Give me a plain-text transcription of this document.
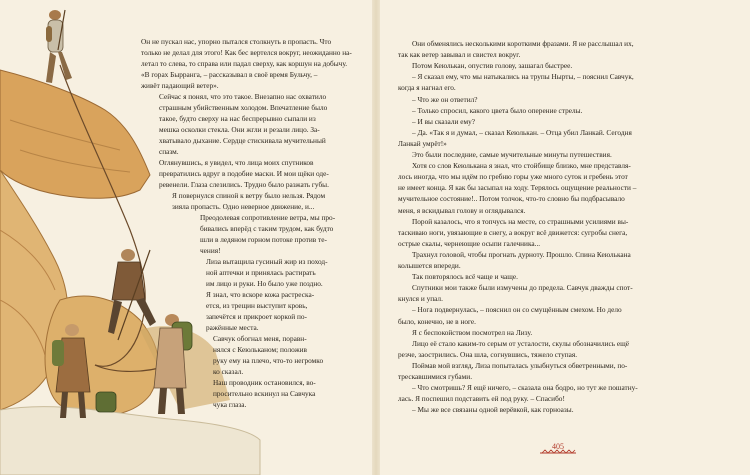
Он не пускал нас, упорно пытался столкнуть в пропасть. Что
только не делал для этого! Как бес вертелся вокруг, неожиданно на-
летал то слева, то справа или падал сверху, как коршун на добычу.
«В горах Бырранга, – рассказывал в своё время Бульчу, –
живёт падающий ветер».
Сейчас я понял, что это такое. Внезапно нас охватило
страшным убийственным холодом. Впечатление было
такое, будто сверху на нас беспрерывно сыпали из
мешка осколки стекла. Они жгли и резали лицо. За-
хватывало дыхание. Сердце стискивала мучительный
спазм.
Оглянувшись, я увидел, что лица моих спутников
превратились вдруг в подобие маски. И мои щёки оде-
ревенели. Глаза слезились. Трудно было разжать губы.
Я повернулся спиной к ветру было нельзя. Рядом
зияла пропасть. Одно неверное движение, и...
Преодолевая сопротивление ветра, мы про-
бивались вперёд с таким трудом, как будто
шли в ледяном горном потоке против те-
чения!
Лиза вытащила гусиный жир из поход-
ной аптечки и принялась растирать
им лицо и руки. Но было уже поздно.
Я знал, что вскоре кожа растрескa-
ется, из трещин выступит кровь,
запечётся и прикроет коркой по-
ражённые места.
Савчук обогнал меня, поравн-
нялся с Кеюльканом; положив
руку ему на плечо, что-то негромко
ко сказал.
Наш проводник остановился, во-
просительно вскинул на Савчука
чука глаза.
Они обменялись несколькими короткими фразами. Я не расслышал их,
так как ветер завывал и свистел вокруг.
Потом Кеюлькан, опустив голову, зашагал быстрее.
– Я сказал ему, что мы натыкались на трупы Нырты, – пояснил Савчук,
когда я нагнал его.
– Что же он ответил?
– Только спросил, какого цвета было оперение стрелы.
– И вы сказали ему?
– Да. «Так я и думал, – сказал Кеюлькан. – Отца убил Ланкай. Сегодня
Ланкай умрёт!»
Это были последние, самые мучительные минуты путешествия.
Хотя со слов Кеюлькана я знал, что стойбище близко, мне представля-
лось иногда, что мы идём по гребню горы уже много суток и гребень этот
не имеет конца. Я как бы засыпал на ходу. Терялось ощущение реальности –
мучительное состояние!.. Потом толчок, что-то словно бы подбрасывало
меня, я вскидывал голову и оглядывался.
Порой казалось, что я топчусь на месте, со страшными усилиями вы-
таскиваю ноги, увязающие в снегу, а вокруг всё движется: сугробы снега,
острые скалы, чернеющие осыпи галечника...
Трахнул головой, чтобы прогнать дурноту. Прошло. Спина Кеюлькана
колышется впереди.
Так повторялось всё чаще и чаще.
Спутники мои также были измучены до предела. Савчук дважды спот-
кнулся и упал.
– Нога подвернулась, – пояснил он со смущённым смехом. Но дело
было, конечно, не в ноге.
Я с беспокойством посмотрел на Лизу.
Лицо её стало каким-то серым от усталости, скулы обозначились ещё
резче, заострились. Она шла, согнувшись, тяжело ступая.
Поймав мой взгляд, Лиза попыталась улыбнуться обветренными, по-
трескавшимися губами.
– Что смотришь? Я ещё ничего, – сказала она бодро, но тут же пошатну-
лась. Я поспешил подставить ей под руку. – Спасибо!
– Мы же все связаны одной верёвкой, как горноазы.
405
